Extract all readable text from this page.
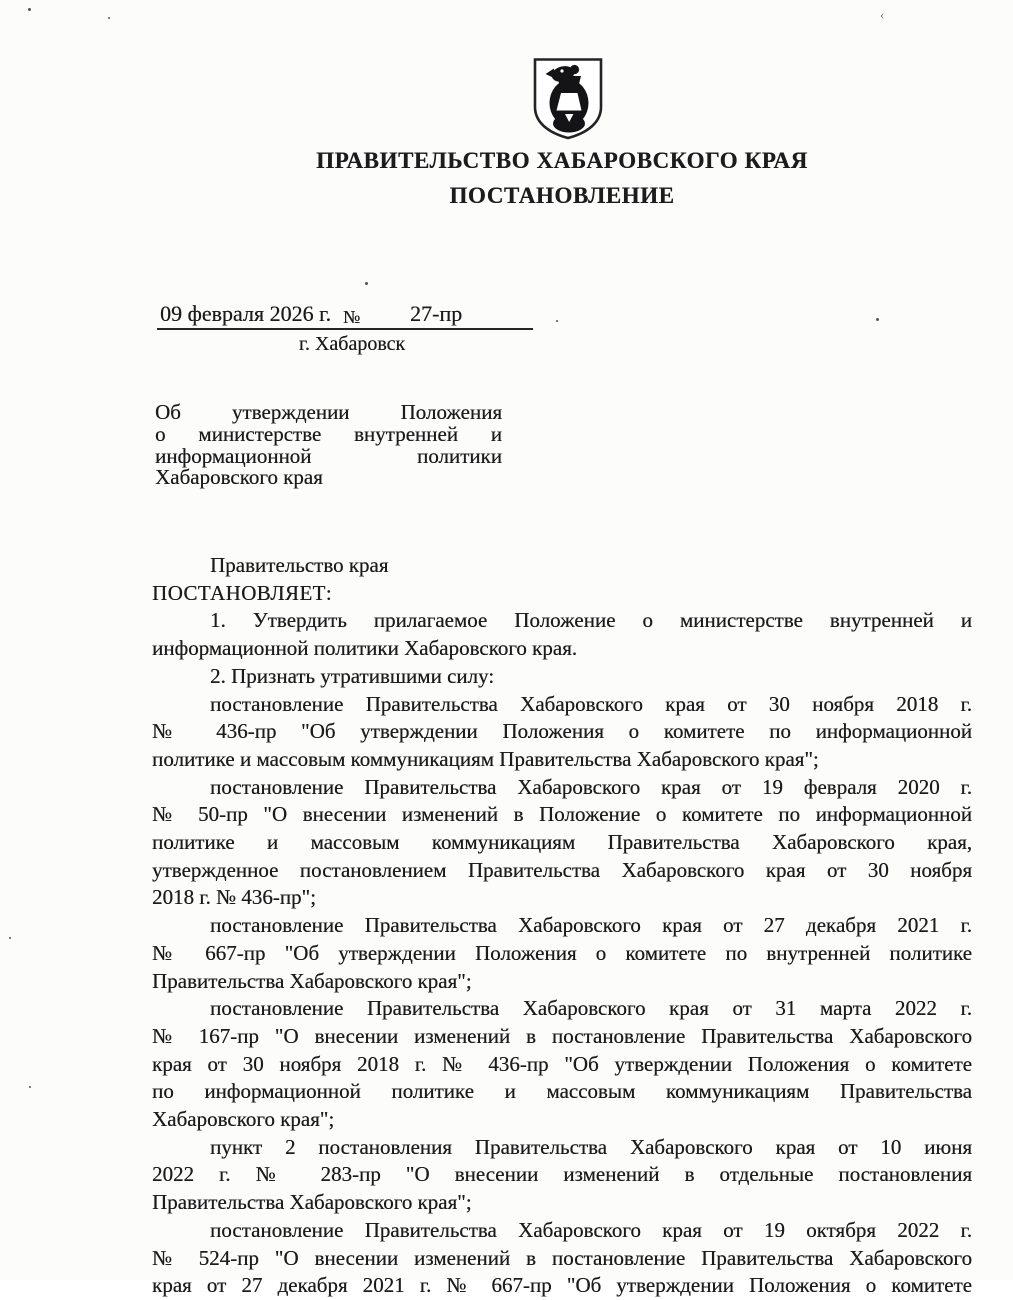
ПРАВИТЕЛЬСТВО ХАБАРОВСКОГО КРАЯ
ПОСТАНОВЛЕНИЕ
09 февраля 2026 г. № 27-пр
г. Хабаровск
Об утверждении Положения
о министерстве внутренней и
информационной политики
Хабаровского края
Правительство края
ПОСТАНОВЛЯЕТ:
1. Утвердить прилагаемое Положение о министерстве внутренней и
информационной политики Хабаровского края.
2. Признать утратившими силу:
постановление Правительства Хабаровского края от 30 ноября 2018 г.
№ 436-пр "Об утверждении Положения о комитете по информационной
политике и массовым коммуникациям Правительства Хабаровского края";
постановление Правительства Хабаровского края от 19 февраля 2020 г.
№ 50-пр "О внесении изменений в Положение о комитете по информационной
политике и массовым коммуникациям Правительства Хабаровского края,
утвержденное постановлением Правительства Хабаровского края от 30 ноября
2018 г. № 436-пр";
постановление Правительства Хабаровского края от 27 декабря 2021 г.
№ 667-пр "Об утверждении Положения о комитете по внутренней политике
Правительства Хабаровского края";
постановление Правительства Хабаровского края от 31 марта 2022 г.
№ 167-пр "О внесении изменений в постановление Правительства Хабаровского
края от 30 ноября 2018 г. № 436-пр "Об утверждении Положения о комитете
по информационной политике и массовым коммуникациям Правительства
Хабаровского края";
пункт 2 постановления Правительства Хабаровского края от 10 июня
2022 г. № 283-пр "О внесении изменений в отдельные постановления
Правительства Хабаровского края";
постановление Правительства Хабаровского края от 19 октября 2022 г.
№ 524-пр "О внесении изменений в постановление Правительства Хабаровского
края от 27 декабря 2021 г. № 667-пр "Об утверждении Положения о комитете
‹
